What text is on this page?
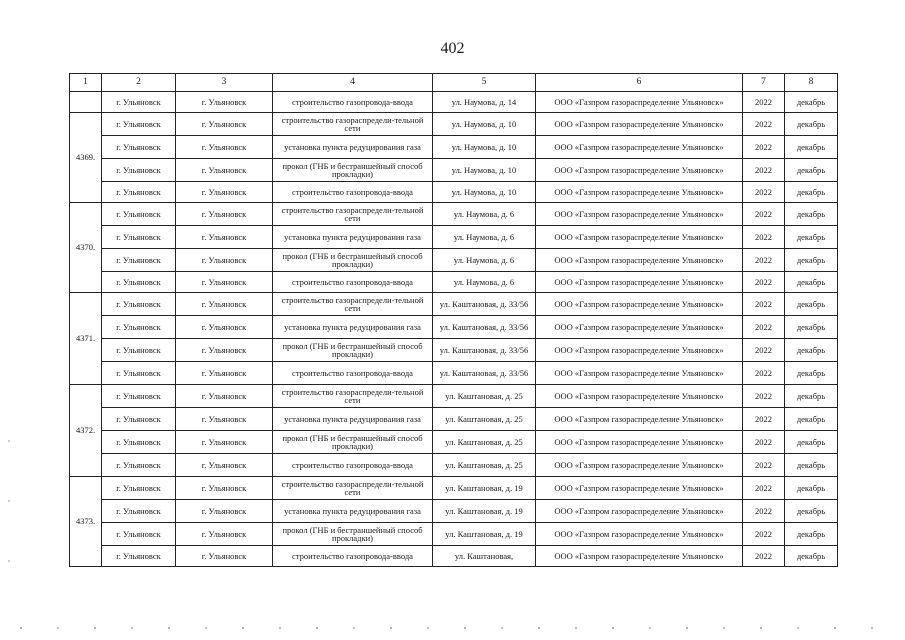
402
1	2	3	4	5	6	7	8
	г. Ульяновск	г. Ульяновск	строительство газопровода-ввода	ул. Наумова, д. 14	ООО «Газпром газораспределение Ульяновск»	2022	декабрь
4369.	г. Ульяновск	г. Ульяновск	строительство газораспредели-тельной сети	ул. Наумова, д. 10	ООО «Газпром газораспределение Ульяновск»	2022	декабрь
	г. Ульяновск	г. Ульяновск	установка пункта редуцирования газа	ул. Наумова, д. 10	ООО «Газпром газораспределение Ульяновск»	2022	декабрь
	г. Ульяновск	г. Ульяновск	прокол (ГНБ и бестраншейный способ прокладки)	ул. Наумова, д. 10	ООО «Газпром газораспределение Ульяновск»	2022	декабрь
	г. Ульяновск	г. Ульяновск	строительство газопровода-ввода	ул. Наумова, д. 10	ООО «Газпром газораспределение Ульяновск»	2022	декабрь
4370.	г. Ульяновск	г. Ульяновск	строительство газораспредели-тельной сети	ул. Наумова, д. 6	ООО «Газпром газораспределение Ульяновск»	2022	декабрь
	г. Ульяновск	г. Ульяновск	установка пункта редуцирования газа	ул. Наумова, д. 6	ООО «Газпром газораспределение Ульяновск»	2022	декабрь
	г. Ульяновск	г. Ульяновск	прокол (ГНБ и бестраншейный способ прокладки)	ул. Наумова, д. 6	ООО «Газпром газораспределение Ульяновск»	2022	декабрь
	г. Ульяновск	г. Ульяновск	строительство газопровода-ввода	ул. Наумова, д. 6	ООО «Газпром газораспределение Ульяновск»	2022	декабрь
4371.	г. Ульяновск	г. Ульяновск	строительство газораспредели-тельной сети	ул. Каштановая, д. 33/56	ООО «Газпром газораспределение Ульяновск»	2022	декабрь
	г. Ульяновск	г. Ульяновск	установка пункта редуцирования газа	ул. Каштановая, д. 33/56	ООО «Газпром газораспределение Ульяновск»	2022	декабрь
	г. Ульяновск	г. Ульяновск	прокол (ГНБ и бестраншейный способ прокладки)	ул. Каштановая, д. 33/56	ООО «Газпром газораспределение Ульяновск»	2022	декабрь
	г. Ульяновск	г. Ульяновск	строительство газопровода-ввода	ул. Каштановая, д. 33/56	ООО «Газпром газораспределение Ульяновск»	2022	декабрь
4372.	г. Ульяновск	г. Ульяновск	строительство газораспредели-тельной сети	ул. Каштановая, д. 25	ООО «Газпром газораспределение Ульяновск»	2022	декабрь
	г. Ульяновск	г. Ульяновск	установка пункта редуцирования газа	ул. Каштановая, д. 25	ООО «Газпром газораспределение Ульяновск»	2022	декабрь
	г. Ульяновск	г. Ульяновск	прокол (ГНБ и бестраншейный способ прокладки)	ул. Каштановая, д. 25	ООО «Газпром газораспределение Ульяновск»	2022	декабрь
	г. Ульяновск	г. Ульяновск	строительство газопровода-ввода	ул. Каштановая, д. 25	ООО «Газпром газораспределение Ульяновск»	2022	декабрь
4373.	г. Ульяновск	г. Ульяновск	строительство газораспредели-тельной сети	ул. Каштановая, д. 19	ООО «Газпром газораспределение Ульяновск»	2022	декабрь
	г. Ульяновск	г. Ульяновск	установка пункта редуцирования газа	ул. Каштановая, д. 19	ООО «Газпром газораспределение Ульяновск»	2022	декабрь
	г. Ульяновск	г. Ульяновск	прокол (ГНБ и бестраншейный способ прокладки)	ул. Каштановая, д. 19	ООО «Газпром газораспределение Ульяновск»	2022	декабрь
	г. Ульяновск	г. Ульяновск	строительство газопровода-ввода	ул. Каштановая,	ООО «Газпром газораспределение Ульяновск»	2022	декабрь
